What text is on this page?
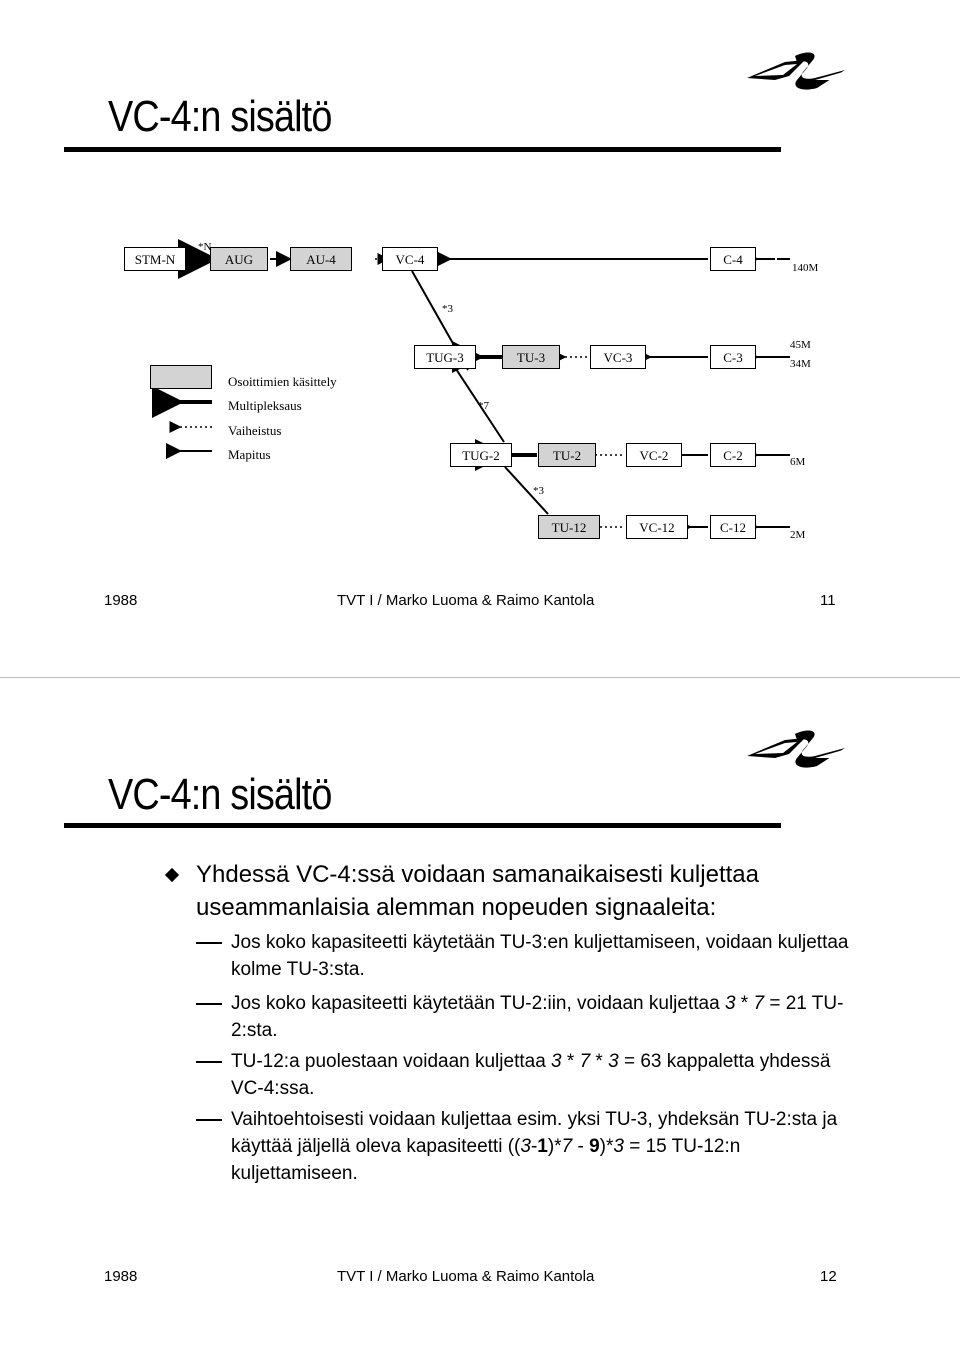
VC-4:n sisältö
STM-N	AUG	AU-4	VC-4	C-4
TUG-3	TU-3	VC-3	C-3
TUG-2	TU-2	VC-2	C-2
TU-12	VC-12	C-12
*N
*3
*7
*3
140M
45M
34M
6M
2M
Osoittimien käsittely
Multipleksaus
Vaiheistus
Mapitus
1988	TVT I / Marko Luoma & Raimo Kantola	11
VC-4:n sisältö
Yhdessä VC-4:ssä voidaan samanaikaisesti kuljettaa useammanlaisia alemman nopeuden signaaleita:
Jos koko kapasiteetti käytetään TU-3:en kuljettamiseen, voidaan kuljettaa kolme TU-3:sta.
Jos koko kapasiteetti käytetään TU-2:iin, voidaan kuljettaa 3 * 7 = 21 TU-2:sta.
TU-12:a puolestaan voidaan kuljettaa 3 * 7 * 3 = 63 kappaletta yhdessä VC-4:ssa.
Vaihtoehtoisesti voidaan kuljettaa esim. yksi TU-3, yhdeksän TU-2:sta ja käyttää jäljellä oleva kapasiteetti ((3-1)*7 - 9)*3 = 15 TU-12:n kuljettamiseen.
1988	TVT I / Marko Luoma & Raimo Kantola	12
